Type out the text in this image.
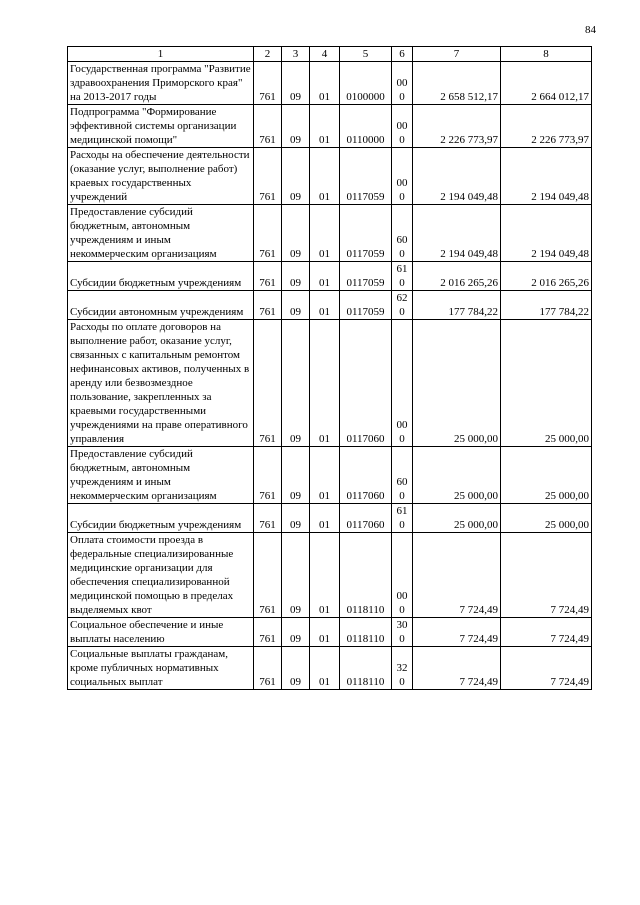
84
1	2	3	4	5	6	7	8
Государственная программа "Развитие здравоохранения Приморского края" на 2013-2017 годы	761	09	01	0100000	000	2 658 512,17	2 664 012,17
Подпрограмма "Формирование эффективной системы организации медицинской помощи"	761	09	01	0110000	000	2 226 773,97	2 226 773,97
Расходы на обеспечение деятельности (оказание услуг, выполнение работ) краевых государственных учреждений	761	09	01	0117059	000	2 194 049,48	2 194 049,48
Предоставление субсидий бюджетным, автономным учреждениям и иным некоммерческим организациям	761	09	01	0117059	600	2 194 049,48	2 194 049,48
Субсидии бюджетным учреждениям	761	09	01	0117059	610	2 016 265,26	2 016 265,26
Субсидии автономным учреждениям	761	09	01	0117059	620	177 784,22	177 784,22
Расходы по оплате договоров на выполнение работ, оказание услуг, связанных с капитальным ремонтом нефинансовых активов, полученных в аренду или безвозмездное пользование, закрепленных за краевыми государственными учреждениями на праве оперативного управления	761	09	01	0117060	000	25 000,00	25 000,00
Предоставление субсидий бюджетным, автономным учреждениям и иным некоммерческим организациям	761	09	01	0117060	600	25 000,00	25 000,00
Субсидии бюджетным учреждениям	761	09	01	0117060	610	25 000,00	25 000,00
Оплата стоимости проезда в федеральные специализированные медицинские организации для обеспечения специализированной медицинской помощью в пределах выделяемых квот	761	09	01	0118110	000	7 724,49	7 724,49
Социальное обеспечение и иные выплаты населению	761	09	01	0118110	300	7 724,49	7 724,49
Социальные выплаты гражданам, кроме публичных нормативных социальных выплат	761	09	01	0118110	320	7 724,49	7 724,49
